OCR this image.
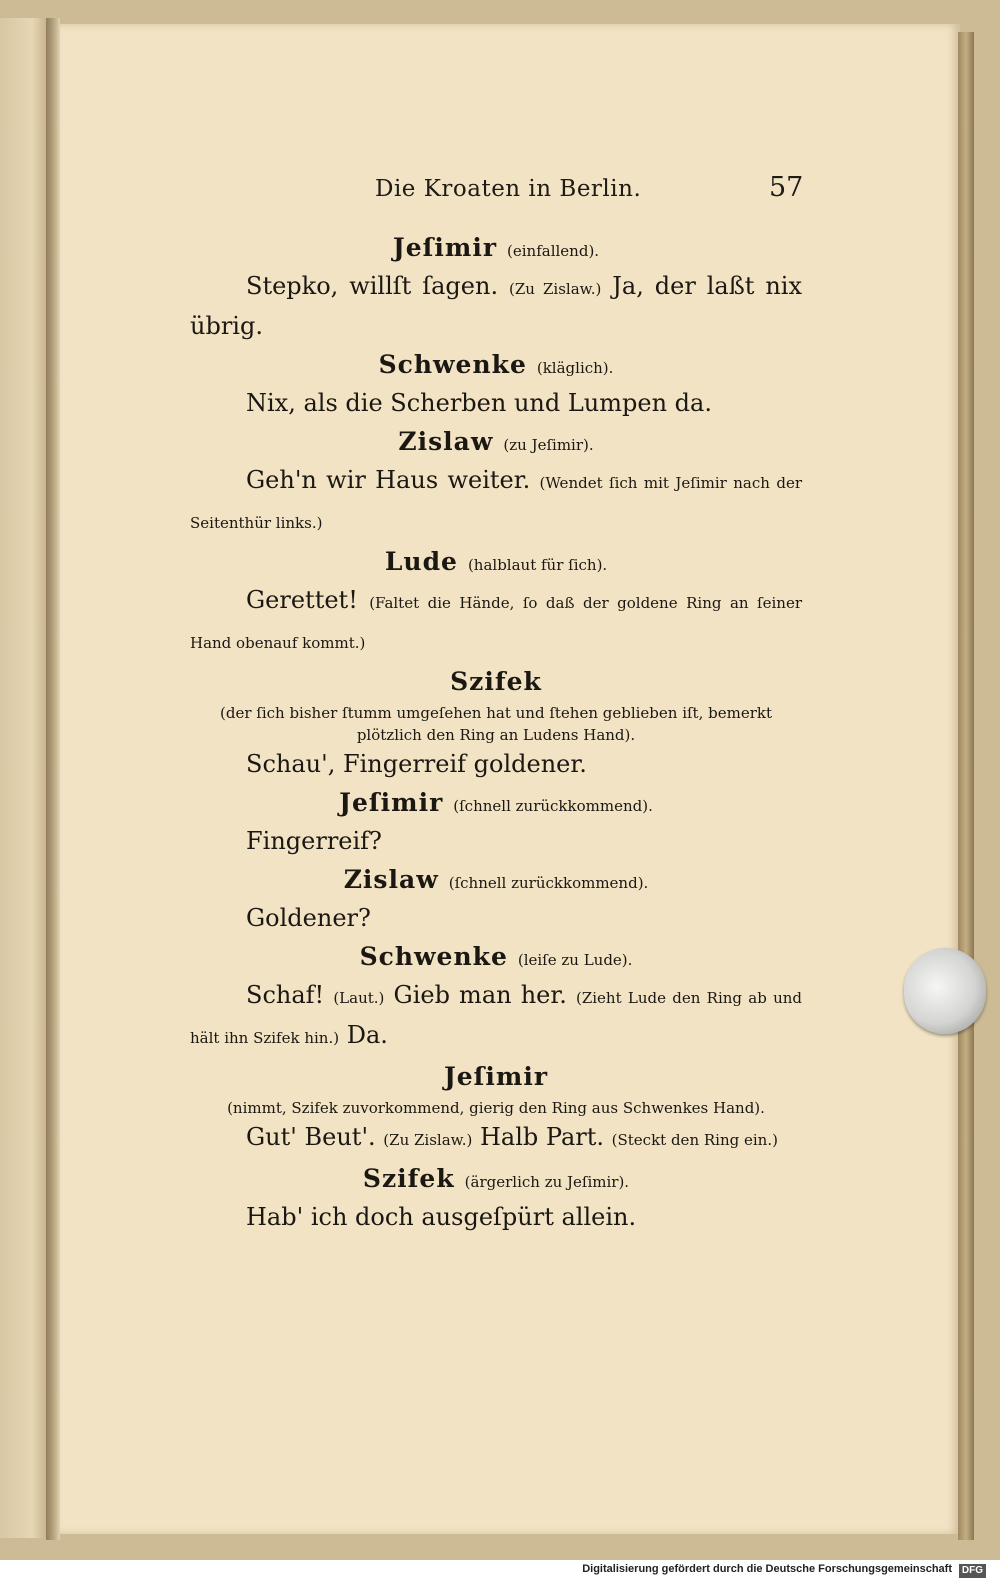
Die Kroaten in Berlin.	57

Jeſimir (einfallend).

Stepko, willſt ſagen. (Zu Zislaw.) Ja, der laßt nix übrig.

Schwenke (kläglich).

Nix, als die Scherben und Lumpen da.

Zislaw (zu Jeſimir).

Geh'n wir Haus weiter. (Wendet ſich mit Jeſimir nach der Seitenthür links.)

Lude (halblaut für ſich).

Gerettet! (Faltet die Hände, ſo daß der goldene Ring an ſeiner Hand obenauf kommt.)

Szifek

(der ſich bisher ſtumm umgeſehen hat und ſtehen geblieben iſt, bemerkt plötzlich den Ring an Ludens Hand).

Schau', Fingerreif goldener.

Jeſimir (ſchnell zurückkommend).

Fingerreif?

Zislaw (ſchnell zurückkommend).

Goldener?

Schwenke (leiſe zu Lude).

Schaf! (Laut.) Gieb man her. (Zieht Lude den Ring ab und hält ihn Szifek hin.) Da.

Jeſimir

(nimmt, Szifek zuvorkommend, gierig den Ring aus Schwenkes Hand).

Gut' Beut'. (Zu Zislaw.) Halb Part. (Steckt den Ring ein.)

Szifek (ärgerlich zu Jeſimir).

Hab' ich doch ausgeſpürt allein.

Digitalisierung gefördert durch die Deutsche Forschungsgemeinschaft DFG
